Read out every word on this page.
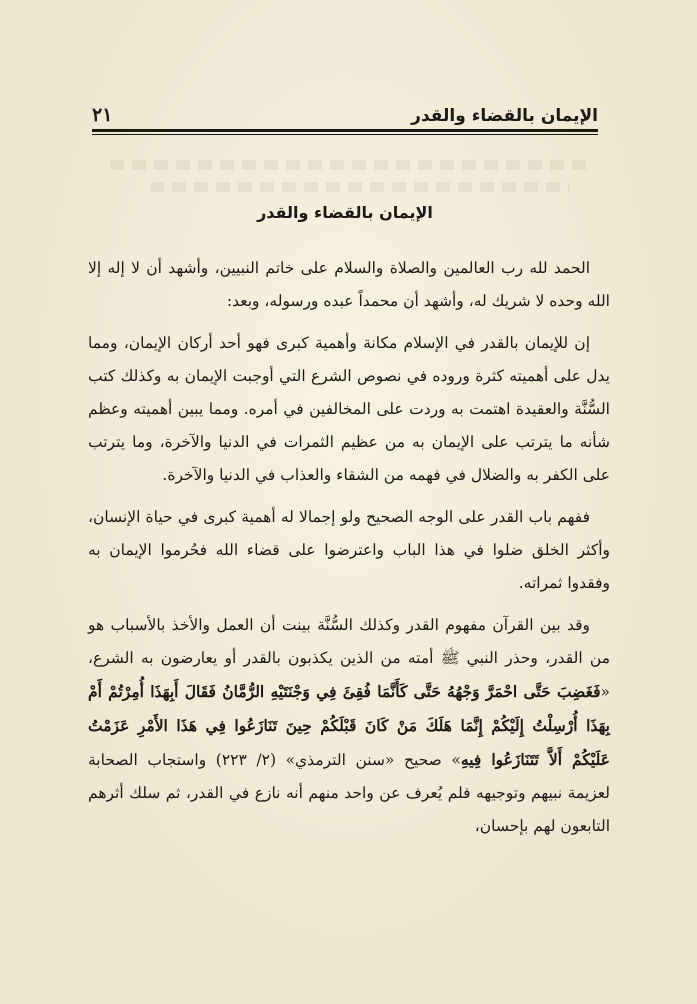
الإيمان بالقضاء والقدر
٢١
الإيمان بالقضاء والقدر

الحمد لله رب العالمين والصلاة والسلام على خاتم النبيين، وأشهد أن لا إله إلا الله وحده لا شريك له، وأشهد أن محمداً عبده ورسوله، وبعد:

إن للإيمان بالقدر في الإسلام مكانة وأهمية كبرى فهو أحد أركان الإيمان، ومما يدل على أهميته كثرة وروده في نصوص الشرع التي أوجبت الإيمان به وكذلك كتب السُّنَّة والعقيدة اهتمت به وردت على المخالفين في أمره. ومما يبين أهميته وعظم شأنه ما يترتب على الإيمان به من عظيم الثمرات في الدنيا والآخرة، وما يترتب على الكفر به والضلال في فهمه من الشقاء والعذاب في الدنيا والآخرة.

ففهم باب القدر على الوجه الصحيح ولو إجمالا له أهمية كبرى في حياة الإنسان، وأكثر الخلق ضلوا في هذا الباب واعترضوا على قضاء الله فحُرموا الإيمان به وفقدوا ثمراته.

وقد بين القرآن مفهوم القدر وكذلك السُّنَّة بينت أن العمل والأخذ بالأسباب هو من القدر، وحذر النبي ﷺ أمته من الذين يكذبون بالقدر أو يعارضون به الشرع، «فَغَضِبَ حَتَّى احْمَرَّ وَجْهُهُ حَتَّى كَأَنَّمَا فُقِئَ فِي وَجْنَتَيْهِ الرُّمَّانُ فَقَالَ أَبِهَذَا أُمِرْتُمْ أَمْ بِهَذَا أُرْسِلْتُ إِلَيْكُمْ إِنَّمَا هَلَكَ مَنْ كَانَ قَبْلَكُمْ حِينَ تَنَازَعُوا فِي هَذَا الأَمْرِ عَزَمْتُ عَلَيْكُمْ أَلاَّ تَتَنَازَعُوا فِيهِ» صحيح «سنن الترمذي» (٢/ ٢٢٣) واستجاب الصحابة لعزيمة نبيهم وتوجيهه فلم يُعرف عن واحد منهم أنه نازع في القدر، ثم سلك أثرهم التابعون لهم بإحسان،
